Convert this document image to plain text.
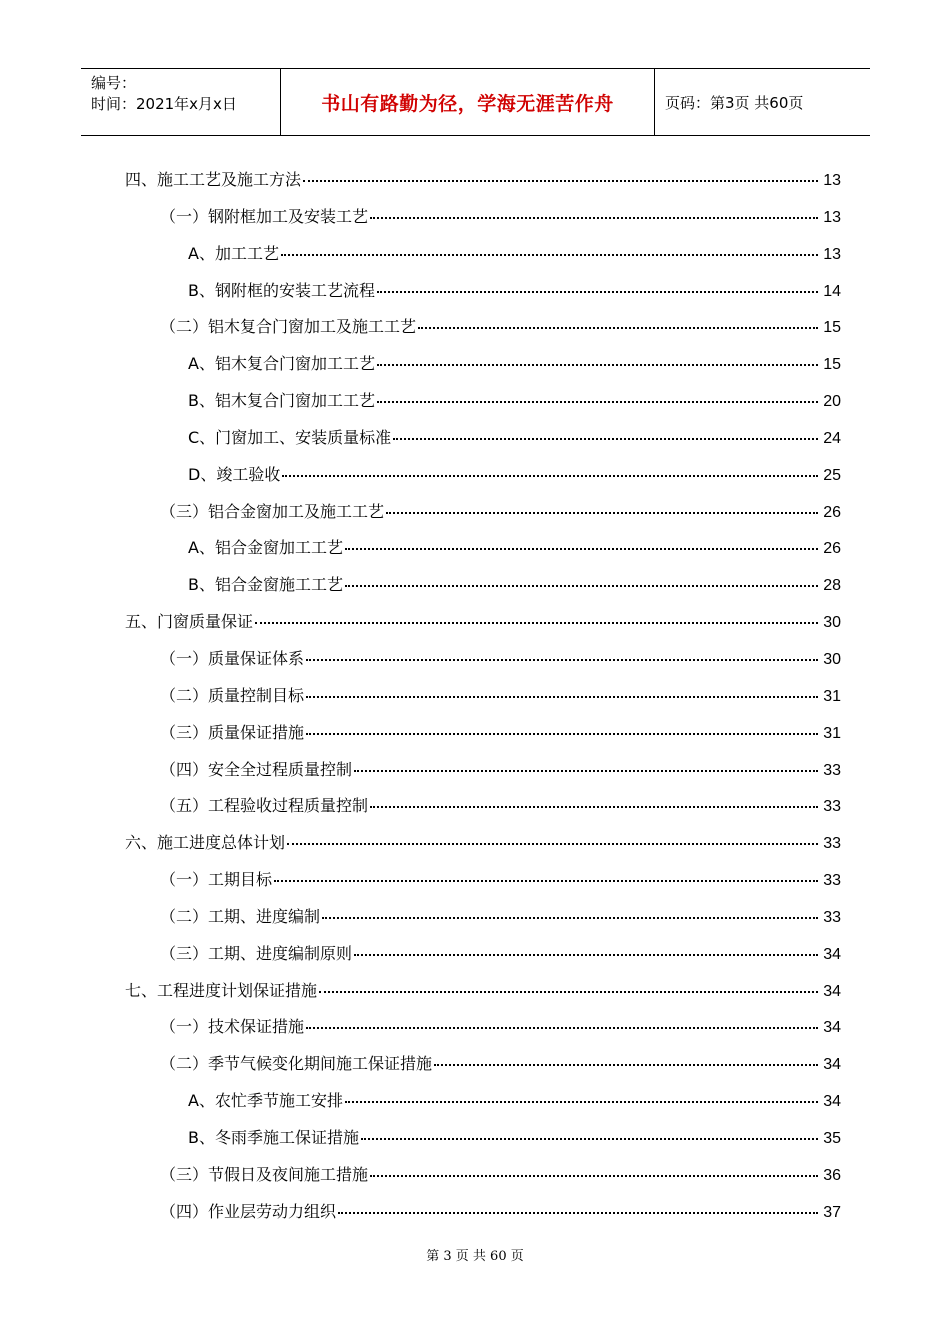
编号：
时间：2021年x月x日	书山有路勤为径，学海无涯苦作舟	页码：第3页 共60页
四、施工工艺及施工方法	13
（一）钢附框加工及安装工艺	13
A、加工工艺	13
B、钢附框的安装工艺流程	14
（二）铝木复合门窗加工及施工工艺	15
A、铝木复合门窗加工工艺	15
B、铝木复合门窗加工工艺	20
C、门窗加工、安装质量标准	24
D、竣工验收	25
（三）铝合金窗加工及施工工艺	26
A、铝合金窗加工工艺	26
B、铝合金窗施工工艺	28
五、门窗质量保证	30
（一）质量保证体系	30
（二）质量控制目标	31
（三）质量保证措施	31
（四）安全全过程质量控制	33
（五）工程验收过程质量控制	33
六、施工进度总体计划	33
（一）工期目标	33
（二）工期、进度编制	33
（三）工期、进度编制原则	34
七、工程进度计划保证措施	34
（一）技术保证措施	34
（二）季节气候变化期间施工保证措施	34
A、农忙季节施工安排	34
B、冬雨季施工保证措施	35
（三）节假日及夜间施工措施	36
（四）作业层劳动力组织	37
第 3 页 共 60 页
